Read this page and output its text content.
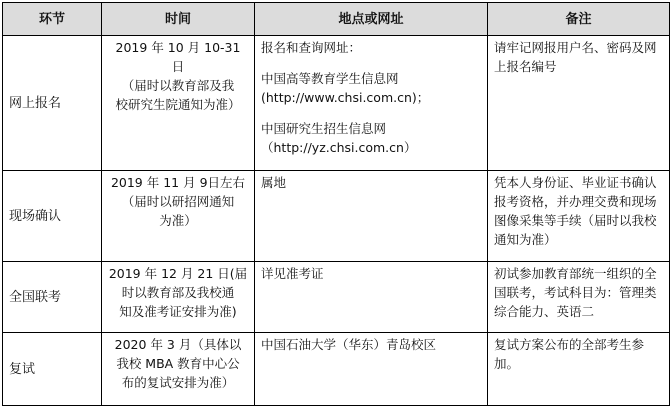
环节	时间	地点或网址	备注
网上报名	2019 年 10 月 10-31 日
（届时以教育部及我
校研究生院通知为准）	报名和查询网址：
中国高等教育学生信息网
(http://www.chsi.com.cn)；
中国研究生招生信息网
（http://yz.chsi.com.cn）	请牢记网报用户名、密码及网上报名编号
现场确认	2019 年 11 月 9日左右
（届时以研招网通知
为准）	属地	凭本人身份证、毕业证书确认报考资格，并办理交费和现场图像采集等手续（届时以我校通知为准）
全国联考	2019 年 12 月 21 日(届
时以教育部及我校通
知及准考证安排为准)	详见准考证	初试参加教育部统一组织的全国联考，考试科目为：管理类综合能力、英语二
复试	2020 年 3 月（具体以
我校 MBA 教育中心公
布的复试安排为准）	中国石油大学（华东）青岛校区	复试方案公布的全部考生参加。
